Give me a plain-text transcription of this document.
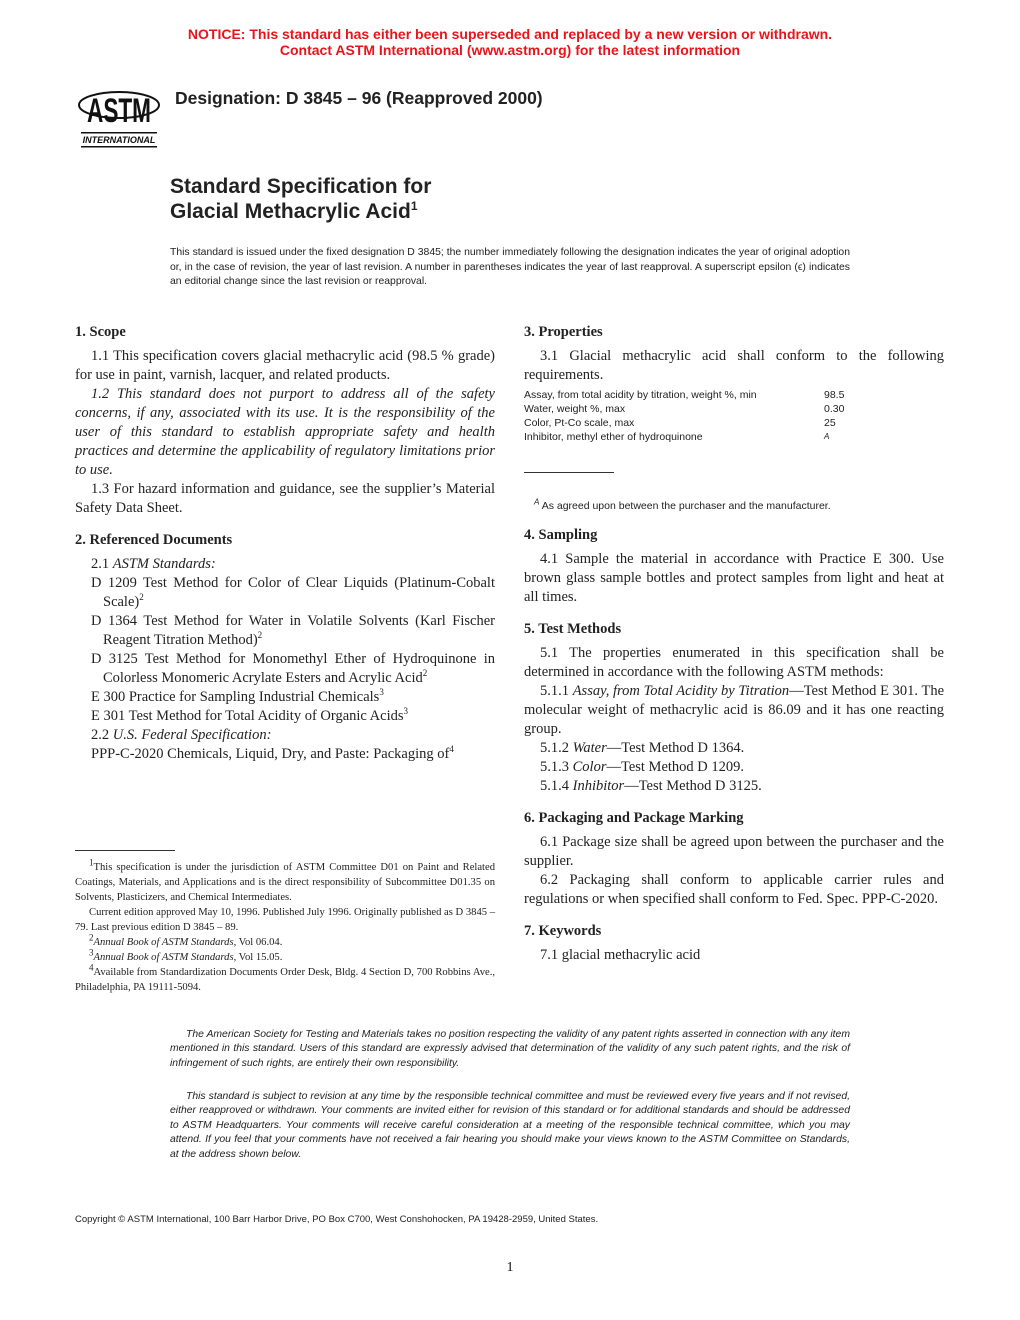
NOTICE: This standard has either been superseded and replaced by a new version or withdrawn.
Contact ASTM International (www.astm.org) for the latest information
ASTM
INTERNATIONAL
Designation: D 3845 – 96 (Reapproved 2000)
Standard Specification for
Glacial Methacrylic Acid$^1$
This standard is issued under the fixed designation D 3845; the number immediately following the designation indicates the year of original adoption or, in the case of revision, the year of last revision. A number in parentheses indicates the year of last reapproval. A superscript epsilon (ϵ) indicates an editorial change since the last revision or reapproval.

1. Scope

1.1 This specification covers glacial methacrylic acid (98.5 % grade) for use in paint, varnish, lacquer, and related products.

1.2 This standard does not purport to address all of the safety concerns, if any, associated with its use. It is the responsibility of the user of this standard to establish appropriate safety and health practices and determine the applicability of regulatory limitations prior to use.

1.3 For hazard information and guidance, see the supplier’s Material Safety Data Sheet.

2. Referenced Documents

2.1 ASTM Standards:

D 1209 Test Method for Color of Clear Liquids (Platinum-Cobalt Scale)$^2$

D 1364 Test Method for Water in Volatile Solvents (Karl Fischer Reagent Titration Method)$^2$

D 3125 Test Method for Monomethyl Ether of Hydroquinone in Colorless Monomeric Acrylate Esters and Acrylic Acid$^2$

E 300 Practice for Sampling Industrial Chemicals$^3$

E 301 Test Method for Total Acidity of Organic Acids$^3$

2.2 U.S. Federal Specification:

PPP-C-2020 Chemicals, Liquid, Dry, and Paste: Packaging $of^4$

$^1$This specification is under the jurisdiction of ASTM Committee D01 on Paint and Related Coatings, Materials, and Applications and is the direct responsibility of Subcommittee D01.35 on Solvents, Plasticizers, and Chemical Intermediates.

Current edition approved May 10, 1996. Published July 1996. Originally published as D 3845 – 79. Last previous edition D 3845 – 89.

$^2$Annual Book of ASTM Standards, Vol 06.04.

$^3$Annual Book of ASTM Standards, Vol 15.05.

$^4$Available from Standardization Documents Order Desk, Bldg. 4 Section D, 700 Robbins Ave., Philadelphia, PA 19111-5094.

3. Properties

3.1 Glacial methacrylic acid shall conform to the following requirements.

Assay, from total acidity by titration, weight %, min	98.5
Water, weight %, max	0.30
Color, Pt-Co scale, max	25
Inhibitor, methyl ether of hydroquinone	A
$^A$ As agreed upon between the purchaser and the manufacturer.

4. Sampling

4.1 Sample the material in accordance with Practice E 300. Use brown glass sample bottles and protect samples from light and heat at all times.

5. Test Methods

5.1 The properties enumerated in this specification shall be determined in accordance with the following ASTM methods:

5.1.1 Assay, from Total Acidity by Titration—Test Method E 301. The molecular weight of methacrylic acid is 86.09 and it has one reacting group.

5.1.2 Water—Test Method D 1364.

5.1.3 Color—Test Method D 1209.

5.1.4 Inhibitor—Test Method D 3125.

6. Packaging and Package Marking

6.1 Package size shall be agreed upon between the purchaser and the supplier.

6.2 Packaging shall conform to applicable carrier rules and regulations or when specified shall conform to Fed. Spec. PPP-C-2020.

7. Keywords

7.1 glacial methacrylic acid

The American Society for Testing and Materials takes no position respecting the validity of any patent rights asserted in connection with any item mentioned in this standard. Users of this standard are expressly advised that determination of the validity of any such patent rights, and the risk of infringement of such rights, are entirely their own responsibility.

This standard is subject to revision at any time by the responsible technical committee and must be reviewed every five years and if not revised, either reapproved or withdrawn. Your comments are invited either for revision of this standard or for additional standards and should be addressed to ASTM Headquarters. Your comments will receive careful consideration at a meeting of the responsible technical committee, which you may attend. If you feel that your comments have not received a fair hearing you should make your views known to the ASTM Committee on Standards, at the address shown below.

Copyright © ASTM International, 100 Barr Harbor Drive, PO Box C700, West Conshohocken, PA 19428-2959, United States.
1
